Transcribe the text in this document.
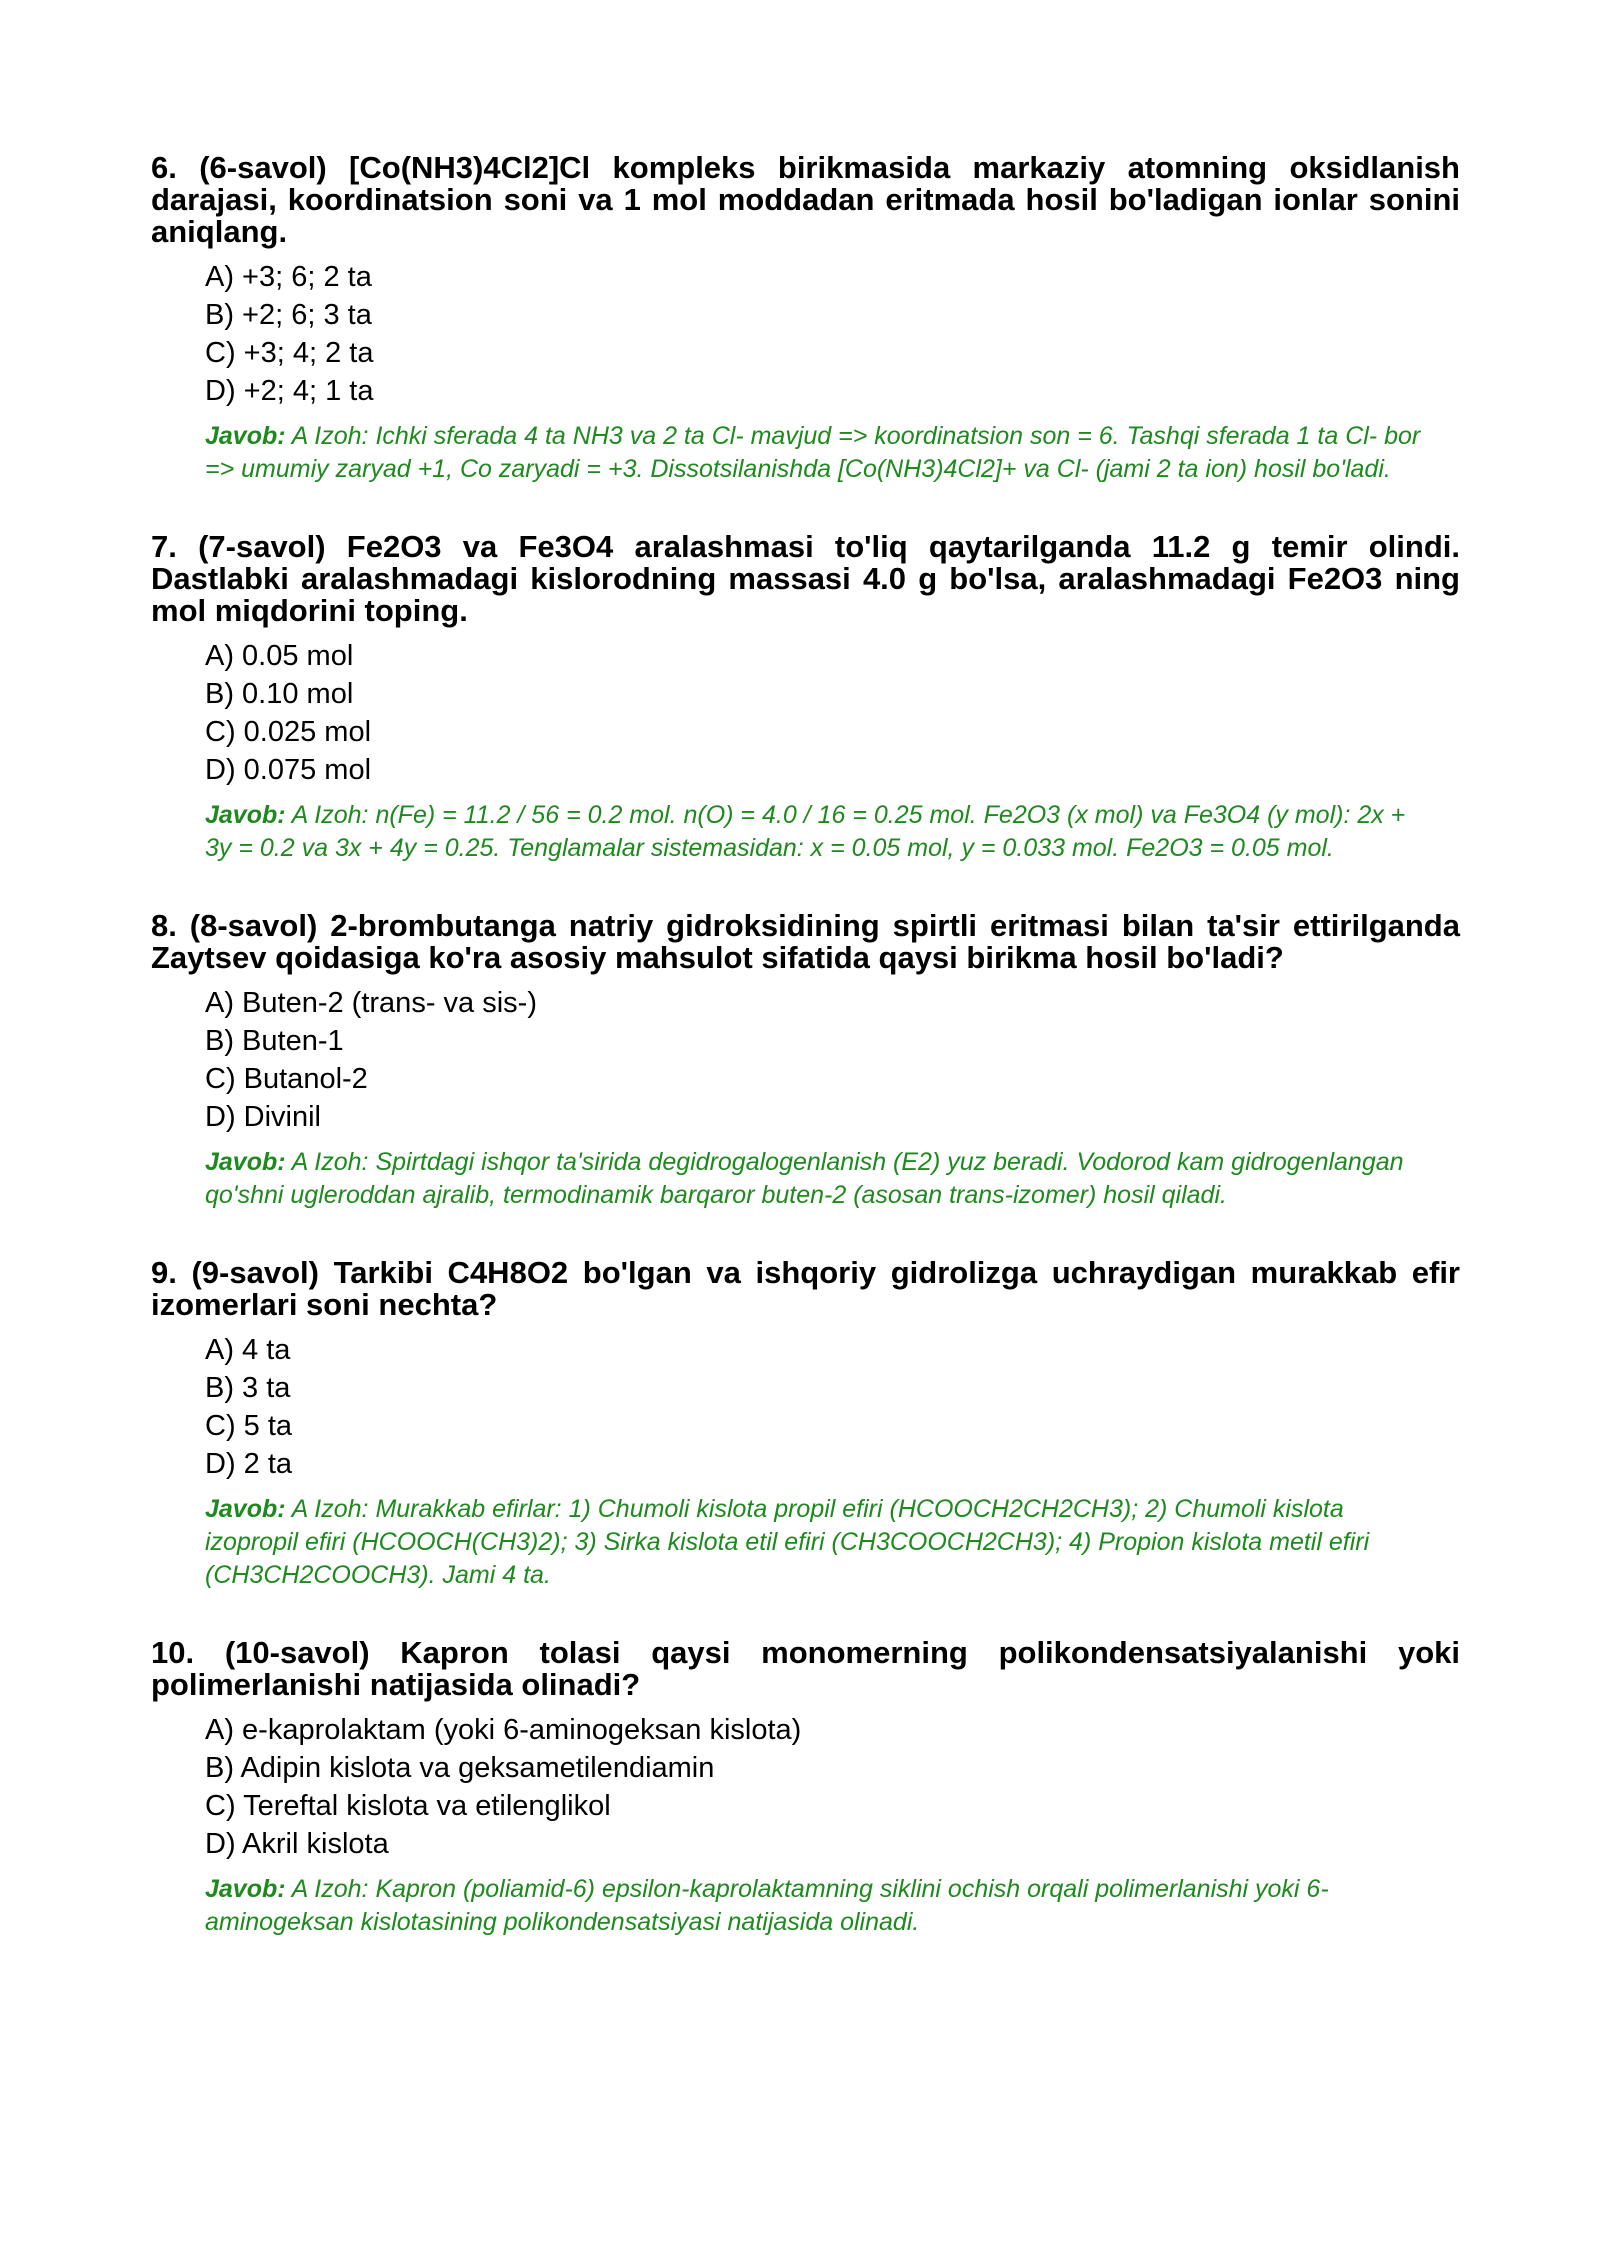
6. (6-savol) [Co(NH3)4Cl2]Cl kompleks birikmasida markaziy atomning oksidlanish darajasi, koordinatsion soni va 1 mol moddadan eritmada hosil bo'ladigan ionlar sonini aniqlang.

A) +3; 6; 2 ta
B) +2; 6; 3 ta
C) +3; 4; 2 ta
D) +2; 4; 1 ta

Javob: A Izoh: Ichki sferada 4 ta NH3 va 2 ta Cl- mavjud => koordinatsion son = 6. Tashqi sferada 1 ta Cl- bor => umumiy zaryad +1, Co zaryadi = +3. Dissotsilanishda [Co(NH3)4Cl2]+ va Cl- (jami 2 ta ion) hosil bo'ladi.

7. (7-savol) Fe2O3 va Fe3O4 aralashmasi to'liq qaytarilganda 11.2 g temir olindi. Dastlabki aralashmadagi kislorodning massasi 4.0 g bo'lsa, aralashmadagi Fe2O3 ning mol miqdorini toping.

A) 0.05 mol
B) 0.10 mol
C) 0.025 mol
D) 0.075 mol

Javob: A Izoh: n(Fe) = 11.2 / 56 = 0.2 mol. n(O) = 4.0 / 16 = 0.25 mol. Fe2O3 (x mol) va Fe3O4 (y mol): 2x + 3y = 0.2 va 3x + 4y = 0.25. Tenglamalar sistemasidan: x = 0.05 mol, y = 0.033 mol. Fe2O3 = 0.05 mol.

8. (8-savol) 2-brombutanga natriy gidroksidining spirtli eritmasi bilan ta'sir ettirilganda Zaytsev qoidasiga ko'ra asosiy mahsulot sifatida qaysi birikma hosil bo'ladi?

A) Buten-2 (trans- va sis-)
B) Buten-1
C) Butanol-2
D) Divinil

Javob: A Izoh: Spirtdagi ishqor ta'sirida degidrogalogenlanish (E2) yuz beradi. Vodorod kam gidrogenlangan qo'shni ugleroddan ajralib, termodinamik barqaror buten-2 (asosan trans-izomer) hosil qiladi.

9. (9-savol) Tarkibi C4H8O2 bo'lgan va ishqoriy gidrolizga uchraydigan murakkab efir izomerlari soni nechta?

A) 4 ta
B) 3 ta
C) 5 ta
D) 2 ta

Javob: A Izoh: Murakkab efirlar: 1) Chumoli kislota propil efiri (HCOOCH2CH2CH3); 2) Chumoli kislota izopropil efiri (HCOOCH(CH3)2); 3) Sirka kislota etil efiri (CH3COOCH2CH3); 4) Propion kislota metil efiri (CH3CH2COOCH3). Jami 4 ta.

10. (10-savol) Kapron tolasi qaysi monomerning polikondensatsiyalanishi yoki polimerlanishi natijasida olinadi?

A) e-kaprolaktam (yoki 6-aminogeksan kislota)
B) Adipin kislota va geksametilendiamin
C) Tereftal kislota va etilenglikol
D) Akril kislota

Javob: A Izoh: Kapron (poliamid-6) epsilon-kaprolaktamning siklini ochish orqali polimerlanishi yoki 6-aminogeksan kislotasining polikondensatsiyasi natijasida olinadi.
